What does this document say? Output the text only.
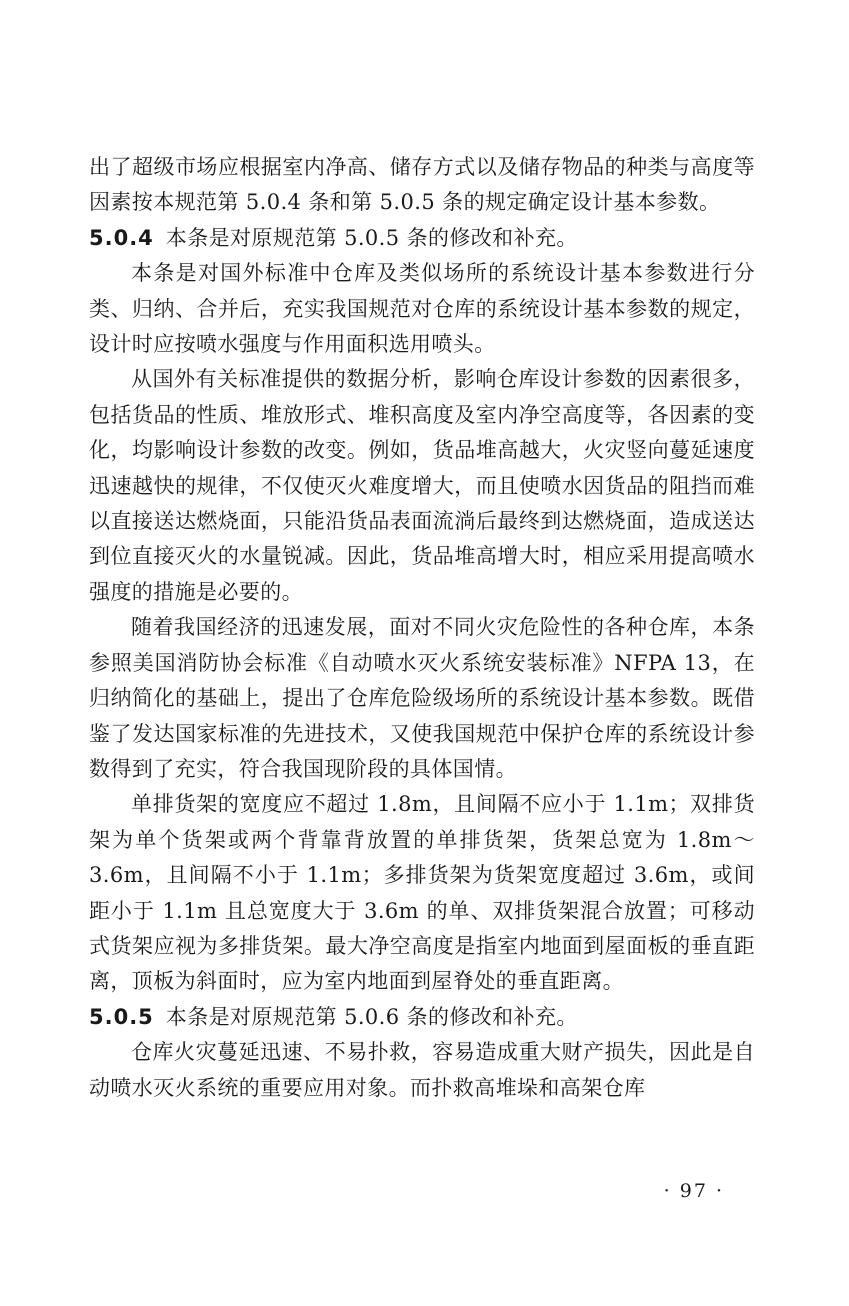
出了超级市场应根据室内净高、储存方式以及储存物品的种类与高度等因素按本规范第 5.0.4 条和第 5.0.5 条的规定确定设计基本参数。

5.0.4 本条是对原规范第 5.0.5 条的修改和补充。

本条是对国外标准中仓库及类似场所的系统设计基本参数进行分类、归纳、合并后，充实我国规范对仓库的系统设计基本参数的规定，设计时应按喷水强度与作用面积选用喷头。

从国外有关标准提供的数据分析，影响仓库设计参数的因素很多，包括货品的性质、堆放形式、堆积高度及室内净空高度等，各因素的变化，均影响设计参数的改变。例如，货品堆高越大，火灾竖向蔓延速度迅速越快的规律，不仅使灭火难度增大，而且使喷水因货品的阻挡而难以直接送达燃烧面，只能沿货品表面流淌后最终到达燃烧面，造成送达到位直接灭火的水量锐减。因此，货品堆高增大时，相应采用提高喷水强度的措施是必要的。

随着我国经济的迅速发展，面对不同火灾危险性的各种仓库，本条参照美国消防协会标准《自动喷水灭火系统安装标准》NFPA 13，在归纳简化的基础上，提出了仓库危险级场所的系统设计基本参数。既借鉴了发达国家标准的先进技术，又使我国规范中保护仓库的系统设计参数得到了充实，符合我国现阶段的具体国情。

单排货架的宽度应不超过 1.8m，且间隔不应小于 1.1m；双排货架为单个货架或两个背靠背放置的单排货架，货架总宽为 1.8m～3.6m，且间隔不小于 1.1m；多排货架为货架宽度超过 3.6m，或间距小于 1.1m 且总宽度大于 3.6m 的单、双排货架混合放置；可移动式货架应视为多排货架。最大净空高度是指室内地面到屋面板的垂直距离，顶板为斜面时，应为室内地面到屋脊处的垂直距离。

5.0.5 本条是对原规范第 5.0.6 条的修改和补充。

仓库火灾蔓延迅速、不易扑救，容易造成重大财产损失，因此是自动喷水灭火系统的重要应用对象。而扑救高堆垛和高架仓库

· 97 ·
